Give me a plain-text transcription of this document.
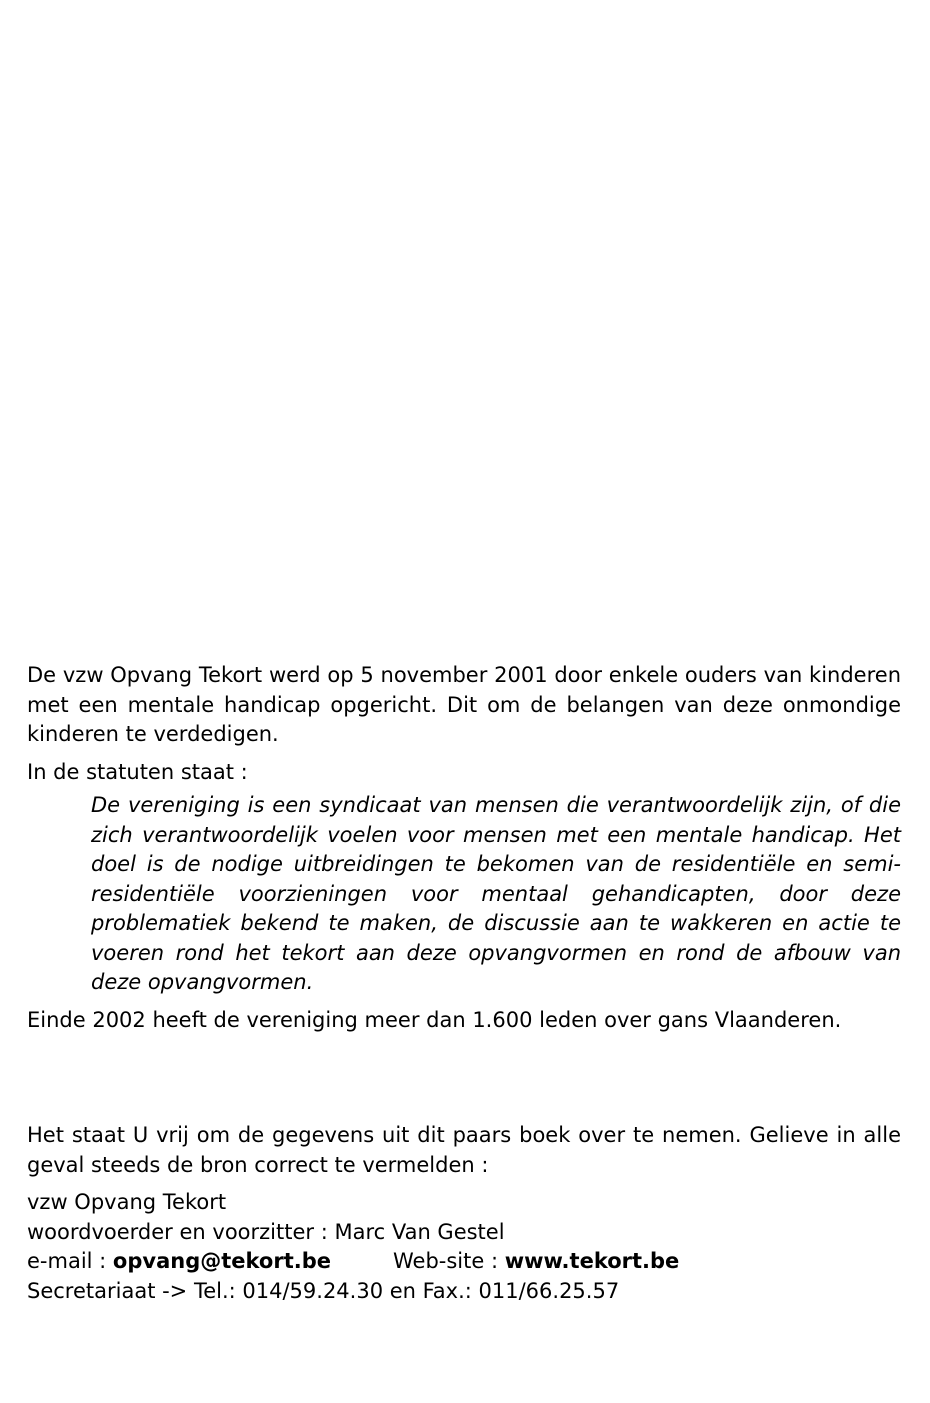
De vzw Opvang Tekort werd op 5 november 2001 door enkele ouders van kinderen met een mentale handicap opgericht. Dit om de belangen van deze onmondige kinderen te verdedigen.

In de statuten staat :

De vereniging is een syndicaat van mensen die verantwoordelijk zijn, of die zich verantwoordelijk voelen voor mensen met een mentale handicap. Het doel is de nodige uitbreidingen te bekomen van de residentiële en semi-residentiële voorzieningen voor mentaal gehandicapten, door deze problematiek bekend te maken, de discussie aan te wakkeren en actie te voeren rond het tekort aan deze opvangvormen en rond de afbouw van deze opvangvormen.

Einde 2002 heeft de vereniging meer dan 1.600 leden over gans Vlaanderen.

Het staat U vrij om de gegevens uit dit paars boek over te nemen. Gelieve in alle geval steeds de bron correct te vermelden :

vzw Opvang Tekort
woordvoerder en voorzitter : Marc Van Gestel
e-mail : opvang@tekort.be	Web-site : www.tekort.be
Secretariaat -> Tel.: 014/59.24.30 en Fax.: 011/66.25.57
